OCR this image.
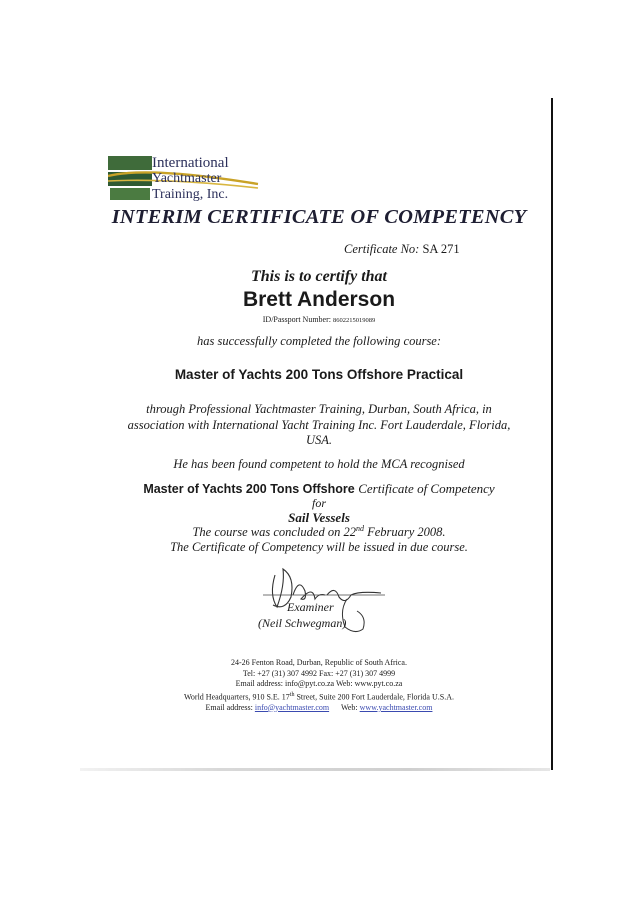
International
Yachtmaster
Training, Inc.
INTERIM CERTIFICATE OF COMPETENCY
Certificate No: SA 271
This is to certify that
Brett Anderson
ID/Passport Number: 8602215019089
has successfully completed the following course:
Master of Yachts 200 Tons Offshore Practical
through Professional Yachtmaster Training, Durban, South Africa, in association with International Yacht Training Inc. Fort Lauderdale, Florida, USA.
He has been found competent to hold the MCA recognised
Master of Yachts 200 Tons Offshore Certificate of Competency
for
Sail Vessels
The course was concluded on 22nd February 2008.
The Certificate of Competency will be issued in due course.
Examiner
(Neil Schwegman)
24-26 Fenton Road, Durban, Republic of South Africa.
Tel: +27 (31) 307 4992 Fax: +27 (31) 307 4999
Email address: info@pyt.co.za Web: www.pyt.co.za
World Headquarters, 910 S.E. 17th Street, Suite 200 Fort Lauderdale, Florida U.S.A.
Email address: info@yachtmaster.com Web: www.yachtmaster.com
